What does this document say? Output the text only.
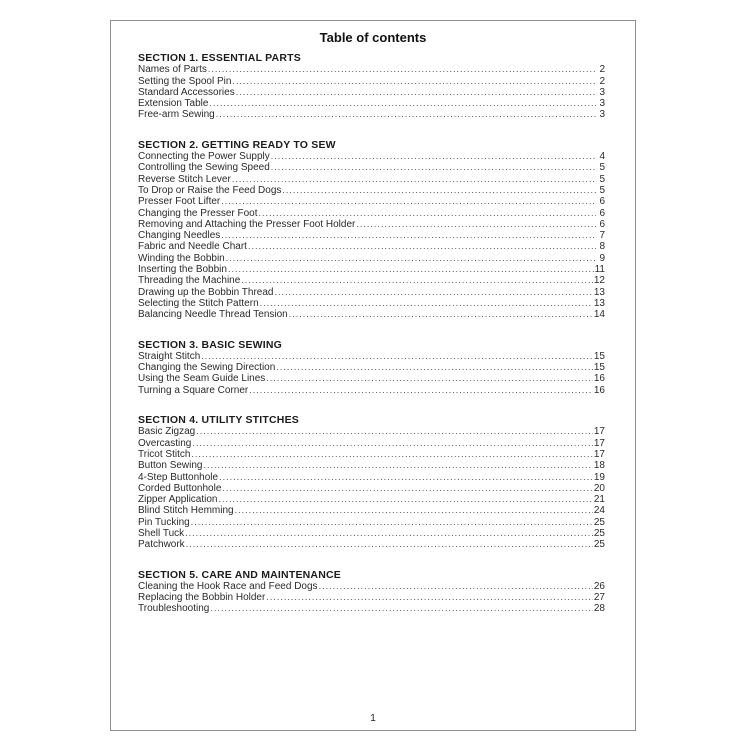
Table of contents
SECTION 1. ESSENTIAL PARTS
Names of Parts .....	2
Setting the Spool Pin .....	2
Standard Accessories .....	3
Extension Table .....	3
Free-arm Sewing .....	3
SECTION 2. GETTING READY TO SEW
Connecting the Power Supply .....	4
Controlling the Sewing Speed .....	5
Reverse Stitch Lever .....	5
To Drop or Raise the Feed Dogs .....	5
Presser Foot Lifter .....	6
Changing the Presser Foot .....	6
Removing and Attaching the Presser Foot Holder .....	6
Changing Needles .....	7
Fabric and Needle Chart .....	8
Winding the Bobbin .....	9
Inserting the Bobbin .....	11
Threading the Machine .....	12
Drawing up the Bobbin Thread .....	13
Selecting the Stitch Pattern .....	13
Balancing Needle Thread Tension .....	14
SECTION 3. BASIC SEWING
Straight Stitch .....	15
Changing the Sewing Direction .....	15
Using the Seam Guide Lines .....	16
Turning a Square Corner .....	16
SECTION 4. UTILITY STITCHES
Basic Zigzag .....	17
Overcasting .....	17
Tricot Stitch .....	17
Button Sewing .....	18
4-Step Buttonhole .....	19
Corded Buttonhole .....	20
Zipper Application .....	21
Blind Stitch Hemming .....	24
Pin Tucking .....	25
Shell Tuck .....	25
Patchwork .....	25
SECTION 5. CARE AND MAINTENANCE
Cleaning the Hook Race and Feed Dogs .....	26
Replacing the Bobbin Holder .....	27
Troubleshooting .....	28
1
